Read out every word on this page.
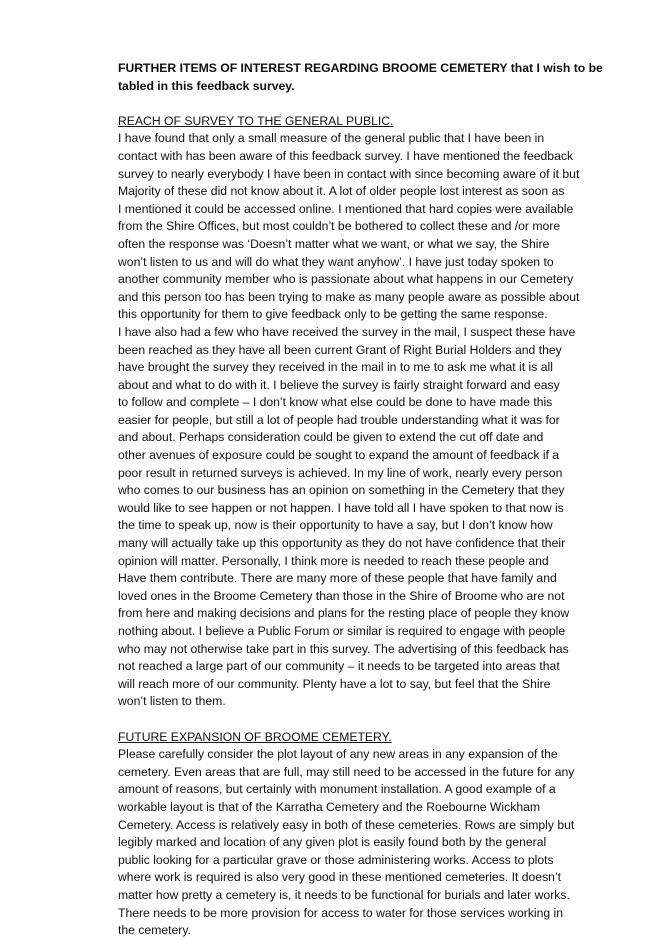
FURTHER ITEMS OF INTEREST REGARDING BROOME CEMETERY that I wish to be
tabled in this feedback survey.
REACH OF SURVEY TO THE GENERAL PUBLIC.
I have found that only a small measure of the general public that I have been in
contact with has been aware of this feedback survey. I have mentioned the feedback
survey to nearly everybody I have been in contact with since becoming aware of it but
Majority of these did not know about it. A lot of older people lost interest as soon as
I mentioned it could be accessed online. I mentioned that hard copies were available
from the Shire Offices, but most couldn’t be bothered to collect these and /or more
often the response was ‘Doesn’t matter what we want, or what we say, the Shire
won’t listen to us and will do what they want anyhow’. I have just today spoken to
another community member who is passionate about what happens in our Cemetery
and this person too has been trying to make as many people aware as possible about
this opportunity for them to give feedback only to be getting the same response.
I have also had a few who have received the survey in the mail, I suspect these have
been reached as they have all been current Grant of Right Burial Holders and they
have brought the survey they received in the mail in to me to ask me what it is all
about and what to do with it. I believe the survey is fairly straight forward and easy
to follow and complete – I don’t know what else could be done to have made this
easier for people, but still a lot of people had trouble understanding what it was for
and about. Perhaps consideration could be given to extend the cut off date and
other avenues of exposure could be sought to expand the amount of feedback if a
poor result in returned surveys is achieved. In my line of work, nearly every person
who comes to our business has an opinion on something in the Cemetery that they
would like to see happen or not happen. I have told all I have spoken to that now is
the time to speak up, now is their opportunity to have a say, but I don’t know how
many will actually take up this opportunity as they do not have confidence that their
opinion will matter. Personally, I think more is needed to reach these people and
Have them contribute. There are many more of these people that have family and
loved ones in the Broome Cemetery than those in the Shire of Broome who are not
from here and making decisions and plans for the resting place of people they know
nothing about. I believe a Public Forum or similar is required to engage with people
who may not otherwise take part in this survey. The advertising of this feedback has
not reached a large part of our community – it needs to be targeted into areas that
will reach more of our community. Plenty have a lot to say, but feel that the Shire
won’t listen to them.
FUTURE EXPANSION OF BROOME CEMETERY.
Please carefully consider the plot layout of any new areas in any expansion of the
cemetery. Even areas that are full, may still need to be accessed in the future for any
amount of reasons, but certainly with monument installation. A good example of a
workable layout is that of the Karratha Cemetery and the Roebourne Wickham
Cemetery. Access is relatively easy in both of these cemeteries. Rows are simply but
legibly marked and location of any given plot is easily found both by the general
public looking for a particular grave or those administering works. Access to plots
where work is required is also very good in these mentioned cemeteries. It doesn’t
matter how pretty a cemetery is, it needs to be functional for burials and later works.
There needs to be more provision for access to water for those services working in
the cemetery.
